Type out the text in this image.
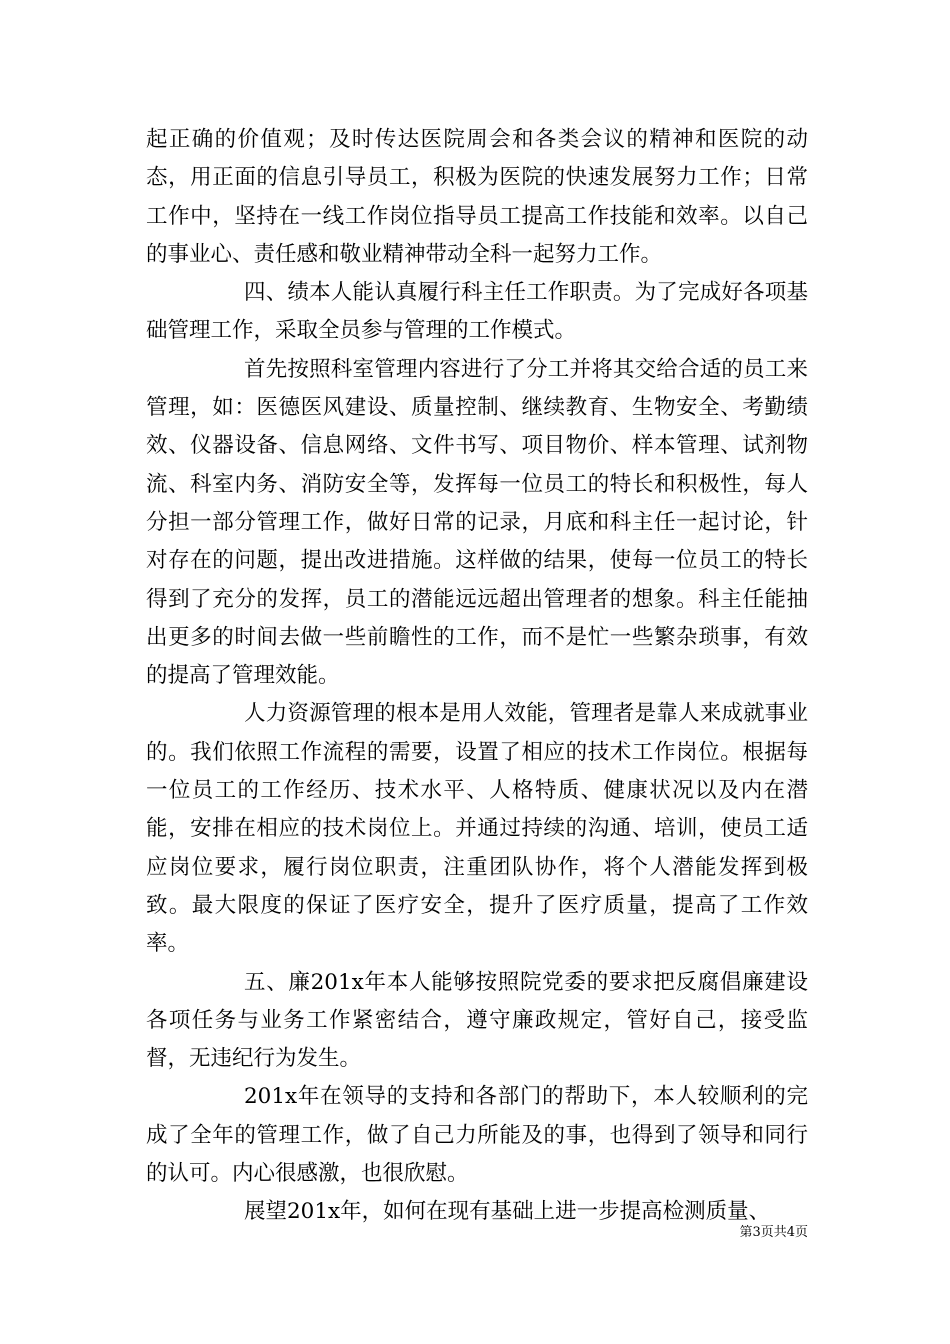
起正确的价值观；及时传达医院周会和各类会议的精神和医院的动态，用正面的信息引导员工，积极为医院的快速发展努力工作；日常工作中，坚持在一线工作岗位指导员工提高工作技能和效率。以自己的事业心、责任感和敬业精神带动全科一起努力工作。

四、绩本人能认真履行科主任工作职责。为了完成好各项基础管理工作，采取全员参与管理的工作模式。

首先按照科室管理内容进行了分工并将其交给合适的员工来管理，如：医德医风建设、质量控制、继续教育、生物安全、考勤绩效、仪器设备、信息网络、文件书写、项目物价、样本管理、试剂物流、科室内务、消防安全等，发挥每一位员工的特长和积极性，每人分担一部分管理工作，做好日常的记录，月底和科主任一起讨论，针对存在的问题，提出改进措施。这样做的结果，使每一位员工的特长得到了充分的发挥，员工的潜能远远超出管理者的想象。科主任能抽出更多的时间去做一些前瞻性的工作，而不是忙一些繁杂琐事，有效的提高了管理效能。

人力资源管理的根本是用人效能，管理者是靠人来成就事业的。我们依照工作流程的需要，设置了相应的技术工作岗位。根据每一位员工的工作经历、技术水平、人格特质、健康状况以及内在潜能，安排在相应的技术岗位上。并通过持续的沟通、培训，使员工适应岗位要求，履行岗位职责，注重团队协作，将个人潜能发挥到极致。最大限度的保证了医疗安全，提升了医疗质量，提高了工作效率。

五、廉201x年本人能够按照院党委的要求把反腐倡廉建设各项任务与业务工作紧密结合，遵守廉政规定，管好自己，接受监督，无违纪行为发生。

201x年在领导的支持和各部门的帮助下，本人较顺利的完成了全年的管理工作，做了自己力所能及的事，也得到了领导和同行的认可。内心很感激，也很欣慰。

展望201x年，如何在现有基础上进一步提高检测质量、

第3页共4页
